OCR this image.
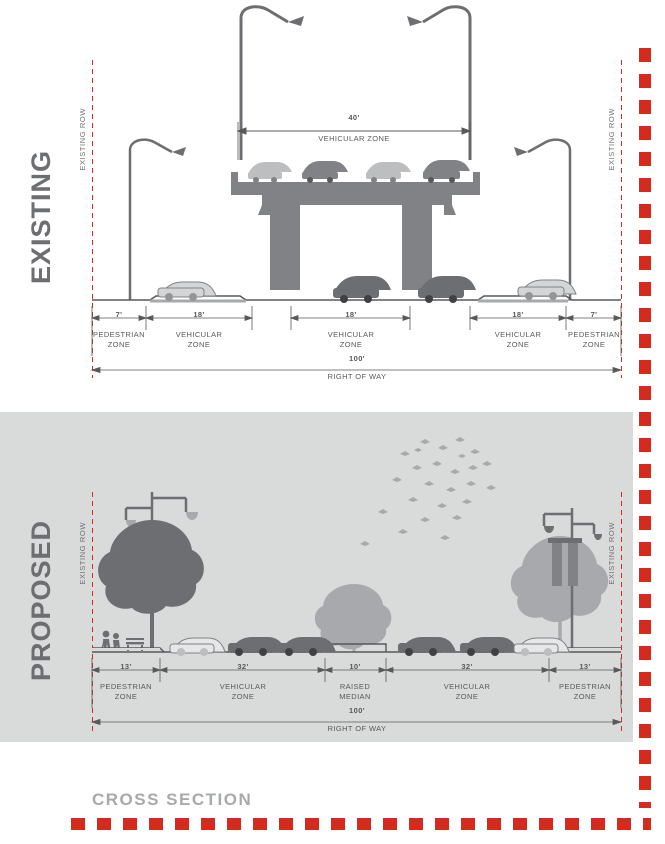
EXISTING
EXISTING ROW	EXISTING ROW
40'
VEHICULAR ZONE
7'
PEDESTRIAN
ZONE
18'
VEHICULAR
ZONE
18'
VEHICULAR
ZONE
18'
VEHICULAR
ZONE
7'
PEDESTRIAN
ZONE
100'
RIGHT OF WAY
PROPOSED	EXISTING ROW	EXISTING ROW
13'
PEDESTRIAN
ZONE
32'
VEHICULAR
ZONE
10'
RAISED
MEDIAN
32'
VEHICULAR
ZONE
13'
PEDESTRIAN
ZONE
100'
RIGHT OF WAY
CROSS SECTION
